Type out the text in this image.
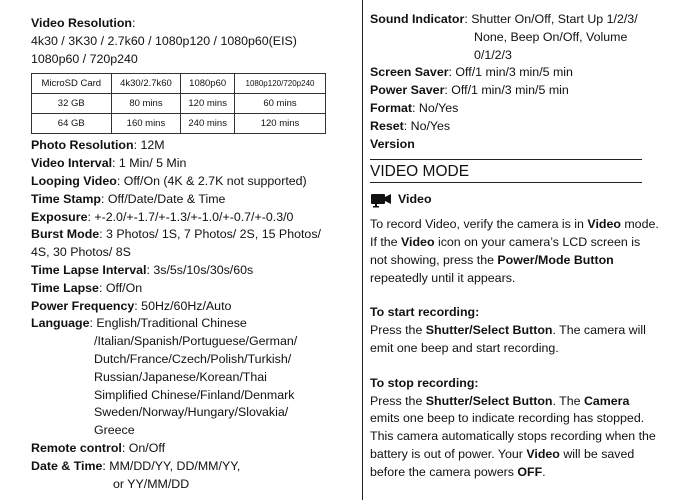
Video Resolution:
4k30 / 3K30 / 2.7k60 / 1080p120 / 1080p60(EIS)
1080p60 / 720p240

MicroSD Card	4k30/2.7k60	1080p60	1080p120/720p240
32 GB	80 mins	120 mins	60 mins
64 GB	160 mins	240 mins	120 mins

Photo Resolution: 12M

Video Interval: 1 Min/ 5 Min

Looping Video: Off/On (4K & 2.7K not supported)

Time Stamp: Off/Date/Date & Time

Exposure: +-2.0/+-1.7/+-1.3/+-1.0/+-0.7/+-0.3/0

Burst Mode: 3 Photos/ 1S, 7 Photos/ 2S, 15 Photos/
4S, 30 Photos/ 8S

Time Lapse Interval: 3s/5s/10s/30s/60s

Time Lapse: Off/On

Power Frequency: 50Hz/60Hz/Auto

Language: English/Traditional Chinese

/Italian/Spanish/Portuguese/German/
Dutch/France/Czech/Polish/Turkish/
Russian/Japanese/Korean/Thai
Simplified Chinese/Finland/Denmark
Sweden/Norway/Hungary/Slovakia/
Greece

Remote control: On/Off

Date & Time: MM/DD/YY, DD/MM/YY,

or YY/MM/DD

Sound Indicator: Shutter On/Off, Start Up 1/2/3/

None, Beep On/Off, Volume
0/1/2/3

Screen Saver: Off/1 min/3 min/5 min

Power Saver: Off/1 min/3 min/5 min

Format: No/Yes

Reset: No/Yes

Version

VIDEO MODE
Video

To record Video, verify the camera is in Video mode. If the Video icon on your camera’s LCD screen is not showing, press the Power/Mode Button repeatedly until it appears.

To start recording:

Press the Shutter/Select Button. The camera will emit one beep and start recording.

To stop recording:

Press the Shutter/Select Button. The Camera emits one beep to indicate recording has stopped. This camera automatically stops recording when the battery is out of power. Your Video will be saved before the camera powers OFF.
